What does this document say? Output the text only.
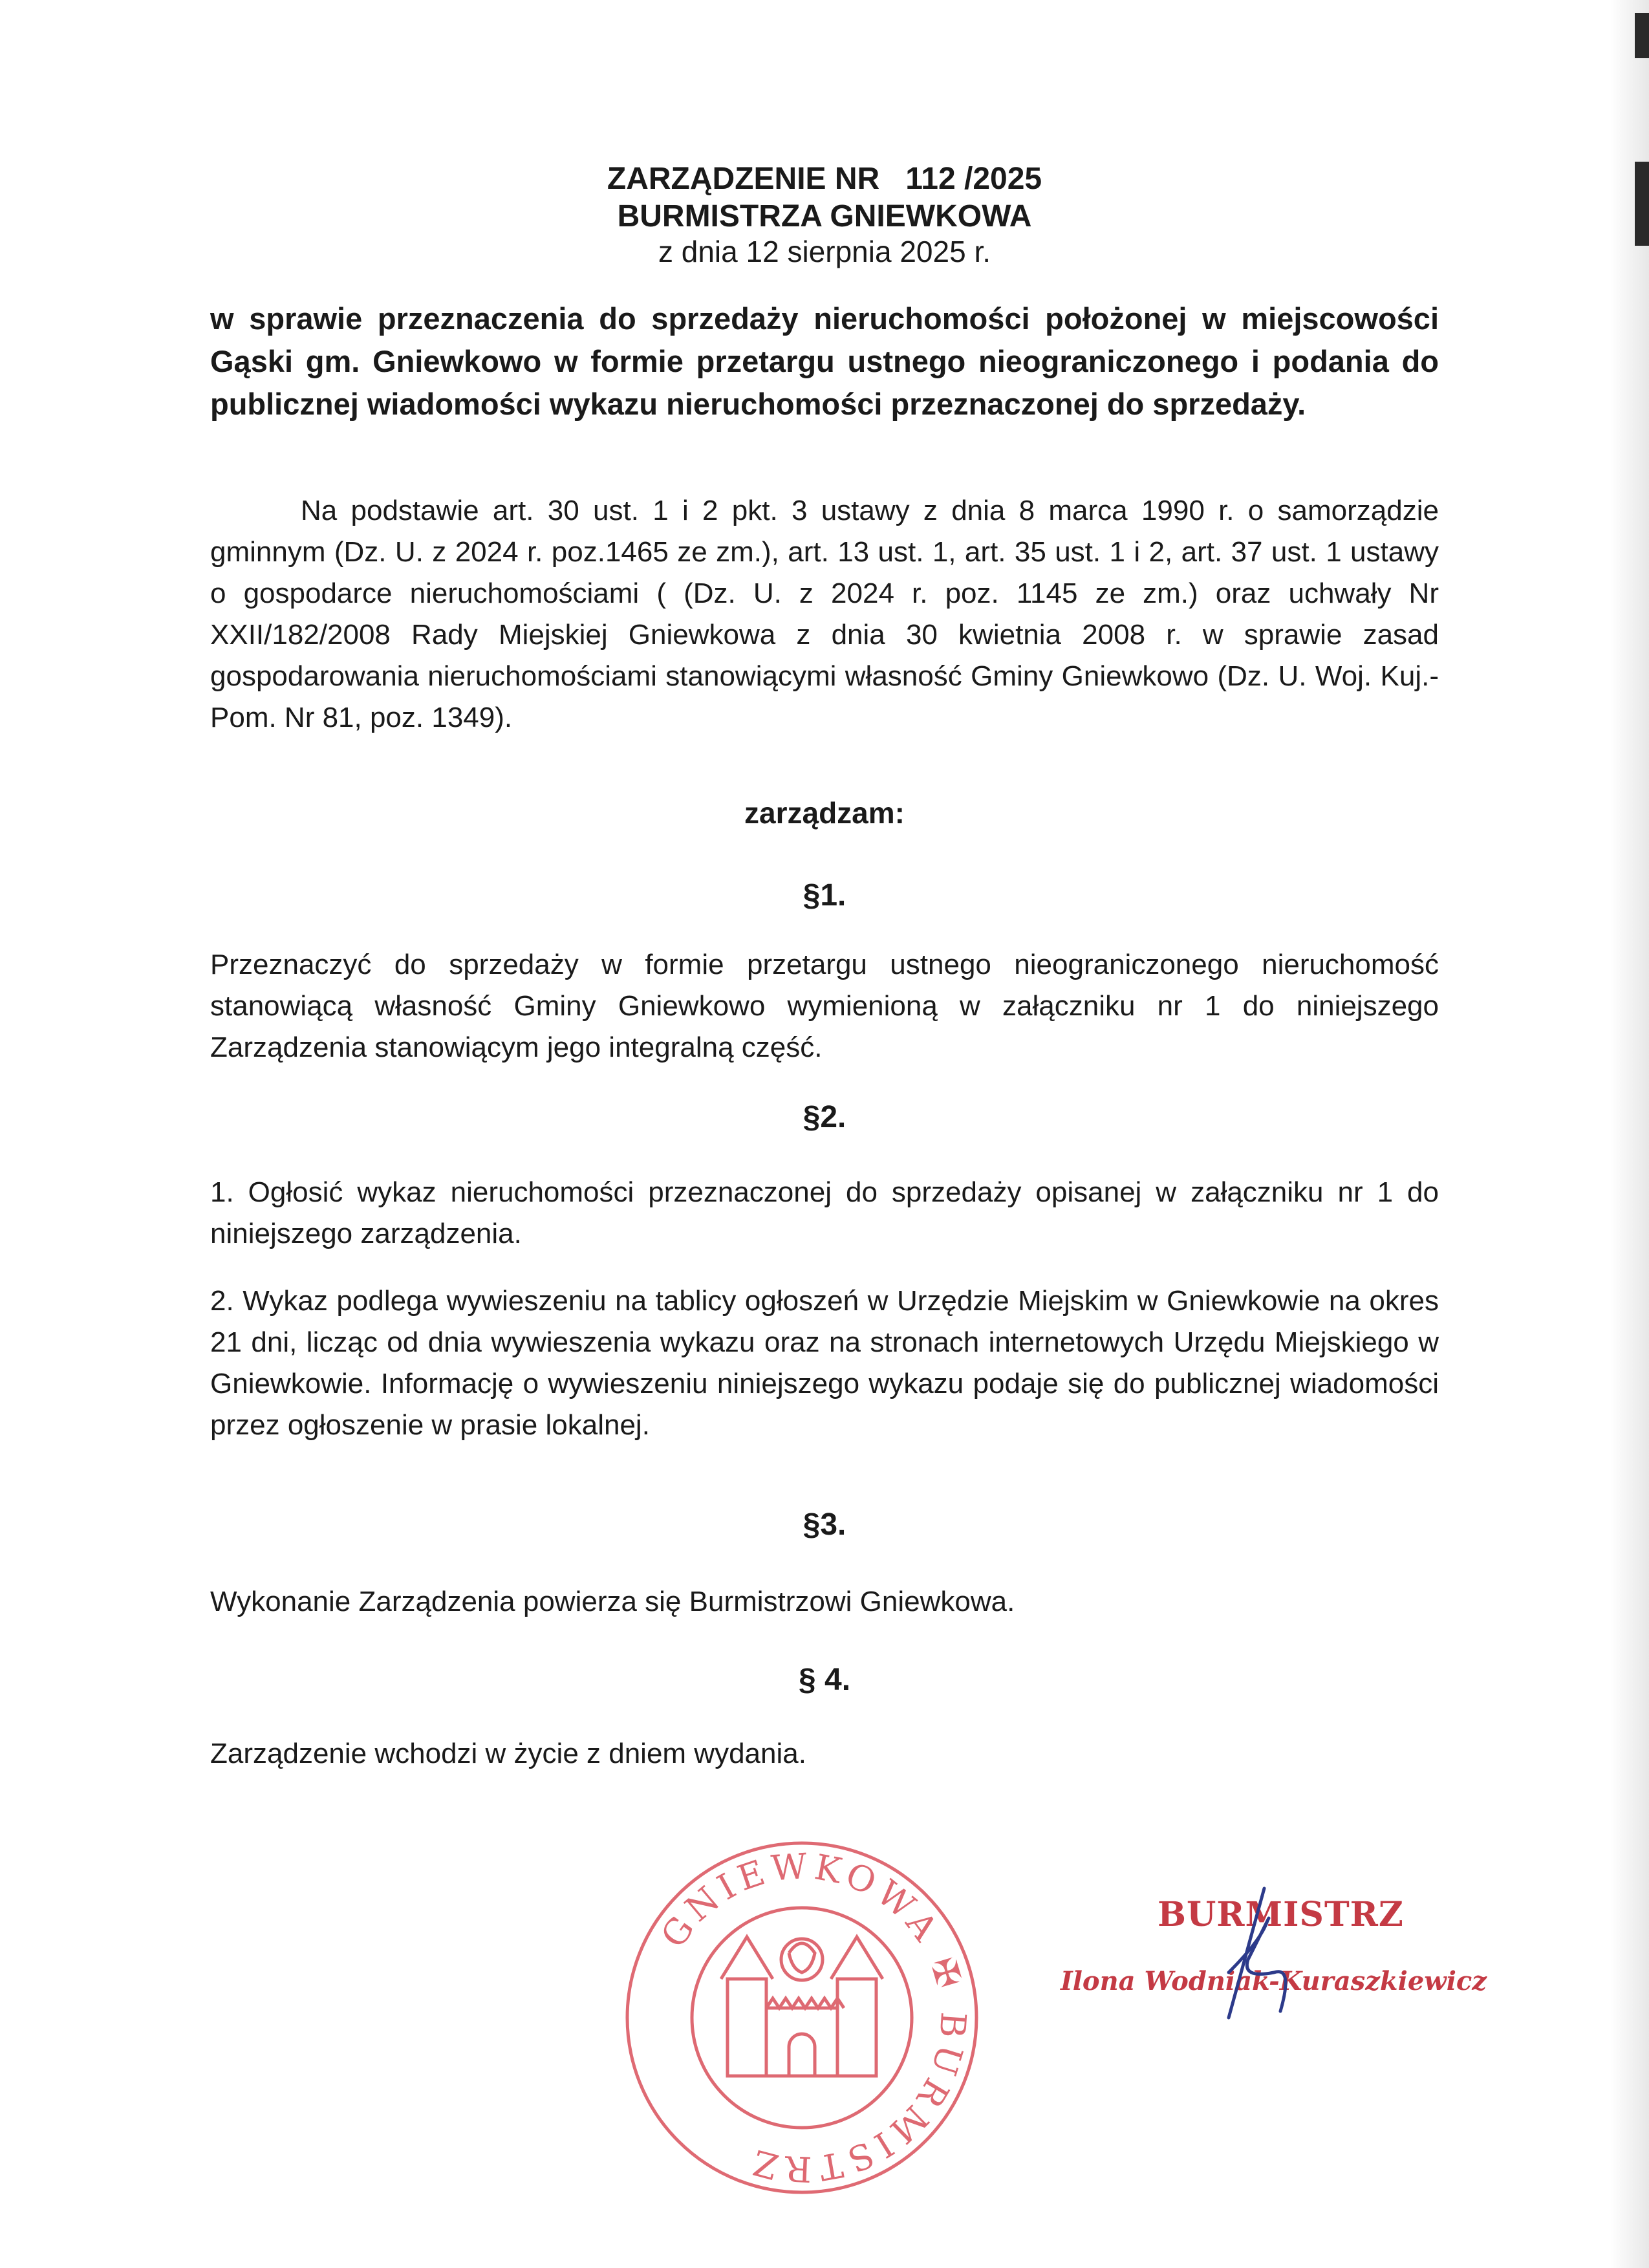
ZARZĄDZENIE NR   112 /2025
BURMISTRZA GNIEWKOWA
z dnia 12 sierpnia 2025 r.
w sprawie przeznaczenia do sprzedaży nieruchomości położonej w miejscowości Gąski gm. Gniewkowo w formie przetargu ustnego nieograniczonego i podania do publicznej wiadomości wykazu nieruchomości przeznaczonej do sprzedaży.
Na podstawie art. 30 ust. 1 i 2 pkt. 3 ustawy z dnia 8 marca 1990 r. o samorządzie gminnym (Dz. U. z 2024 r. poz.1465 ze zm.), art. 13 ust. 1, art. 35 ust. 1 i 2, art. 37 ust. 1 ustawy o gospodarce nieruchomościami ( (Dz. U. z 2024 r. poz. 1145 ze zm.) oraz uchwały Nr XXII/182/2008 Rady Miejskiej Gniewkowa z dnia 30 kwietnia 2008 r. w sprawie zasad gospodarowania nieruchomościami stanowiącymi własność Gminy Gniewkowo (Dz. U. Woj. Kuj.-Pom. Nr 81, poz. 1349).
zarządzam:
§1.
Przeznaczyć do sprzedaży w formie przetargu ustnego nieograniczonego nieruchomość stanowiącą własność Gminy Gniewkowo wymienioną w załączniku nr 1 do niniejszego Zarządzenia stanowiącym jego integralną część.
§2.
1. Ogłosić wykaz nieruchomości przeznaczonej do sprzedaży opisanej w załączniku nr 1 do niniejszego zarządzenia.
2. Wykaz podlega wywieszeniu na tablicy ogłoszeń w Urzędzie Miejskim w Gniewkowie na okres 21 dni, licząc od dnia wywieszenia wykazu oraz na stronach internetowych Urzędu Miejskiego w Gniewkowie. Informację o wywieszeniu niniejszego wykazu podaje się do publicznej wiadomości przez ogłoszenie w prasie lokalnej.
§3.
Wykonanie Zarządzenia powierza się Burmistrzowi Gniewkowa.
§ 4.
Zarządzenie wchodzi w życie z dniem wydania.
GNIEWKOWA ✠ BURMISTRZ
BURMISTRZ
Ilona Wodniak-Kuraszkiewicz
